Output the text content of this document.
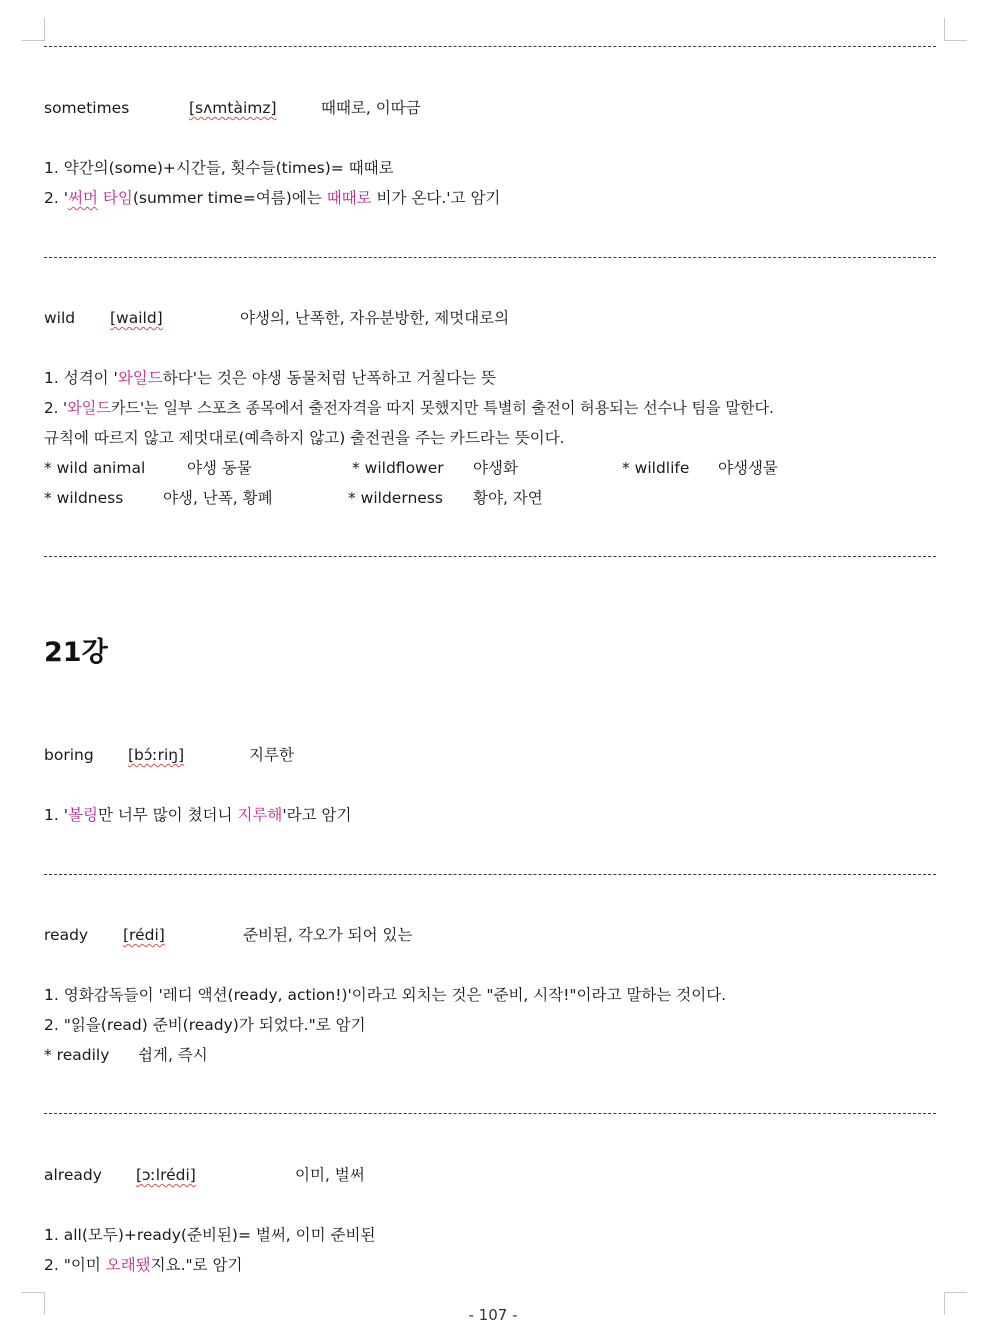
sometimes	[sʌmtàimz]	때때로, 이따금
1. 약간의(some)+시간들, 횟수들(times)= 때때로
2. '써머 타임(summer time=여름)에는 때때로 비가 온다.'고 암기
wild [waild]	야생의, 난폭한, 자유분방한, 제멋대로의
1. 성격이 '와일드하다'는 것은 야생 동물처럼 난폭하고 거칠다는 뜻
2. '와일드카드'는 일부 스포츠 종목에서 출전자격을 따지 못했지만 특별히 출전이 허용되는 선수나 팀을 말한다.
규칙에 따르지 않고 제멋대로(예측하지 않고) 출전권을 주는 카드라는 뜻이다.
* wild animal	야생 동물	* wildflower 야생화	* wildlife 야생생물
* wildness	야생, 난폭, 황폐	* wilderness 황야, 자연
21강
boring [bɔ́ːriŋ]	지루한
1. '볼링만 너무 많이 쳤더니 지루해'라고 암기
ready [rédi]	준비된, 각오가 되어 있는
1. 영화감독들이 '레디 액션(ready, action!)'이라고 외치는 것은 "준비, 시작!"이라고 말하는 것이다.
2. "읽을(read) 준비(ready)가 되었다."로 암기
* readily 쉽게, 즉시
already [ɔːlrédi]	이미, 벌써
1. all(모두)+ready(준비된)= 벌써, 이미 준비된
2. "이미 오래됐지요."로 암기
- 107 -
